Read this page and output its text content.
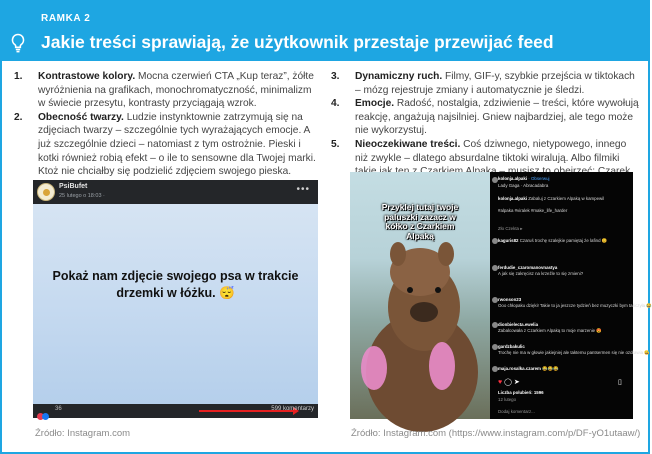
RAMKA 2
Jakie treści sprawiają, że użytkownik przestaje przewijać feed
1.	Kontrastowe kolory. Mocna czerwień CTA „Kup teraz”, żółte wyróżnienia na grafikach, monochromatyczność, minimalizm w świecie przesytu, kontrasty przyciągają wzrok.
2.	Obecność twarzy. Ludzie instynktownie zatrzymują się na zdjęciach twarzy – szczególnie tych wyrażających emocje. A już szczególnie dzieci – natomiast z tym ostrożnie. Pieski i kotki również robią efekt – o ile to sensowne dla Twojej marki. Ktoż nie chciałby się podzielić zdjęciem swojego pieska.
3.	Dynamiczny ruch. Filmy, GIF-y, szybkie przejścia w tiktokach – mózg rejestruje zmiany i automatycznie je śledzi.
4.	Emocje. Radość, nostalgia, zdziwienie – treści, które wywołują reakcję, angażują najsilniej. Gniew najbardziej, ale tego może nie wykorzystuj.
5.	Nieoczekiwane treści. Coś dziwnego, nietypowego, innego niż zwykle – dlatego absurdalne tiktoki wiralują. Albo filmiki
PsiBufet
25 lutego o 18:03 ·
•••
Pokaż nam zdjęcie swojego psa w trakcie drzemki w łóżku. 😴
36	599 komentarzy
Przyklej tutaj twoje paluszki zazacz w kółko z Czarkiem Alpaką
kolonja.alpaki · Obserwuj
Lady Gaga · Abracadabra
kolonja.alpaki Zabaluj z Czarkiem Alpaką w kampewil
#alpaka #viralek #make_life_harder
Zło Czekta ▸
kaguris82 Czaruś trochę szalejkie pamiętaj że lafind 😊
ferdudie_czaromanovnastya
A jak się zakręcisz na krzeźle to się zmieni?
rwonson23
Ooo chłopaku dzięki! Takie to ja jeszcze tydzień bez muzyczki bym tańczyła 😂
dionbielecta.ewelia
Zabalcowała z Czarkiem Alpaką to moje marzenie 😍
gardzbakulic
Trochę nie ma w głowie jakiejniej ale taktemu pantsermen się nie ozdrawia 😅
maja.rosalka.czarem 😂😂😂
♥ ◯ ➤	▯
Liczba polubień: 1596
12 lutego
Dodaj komentarz...
Źródło: Instagram.com	Źródło: Instagram.com (https://www.instagram.com/p/DF-yO1utaaw/)
